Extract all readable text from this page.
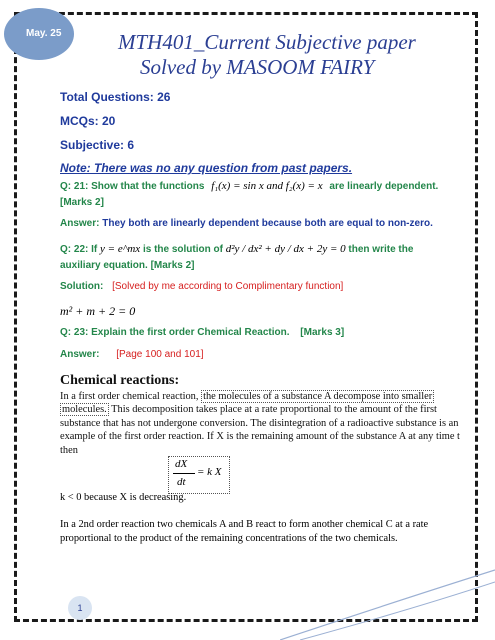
May. 25	MTH401_Current Subjective paper
Solved by MASOOM FAIRY
Total Questions: 26
MCQs: 20
Subjective: 6
Note: There was no any question from past papers.
Q: 21: Show that the functions f₁(x) = sin x and f₂(x) = x are linearly dependent.
[Marks 2]
Answer: They both are linearly dependent because both are equal to non-zero.
Q: 22: If y = e^mx is the solution of d²y / dx² + dy / dx + 2y = 0 then write the
auxiliary equation. [Marks 2]
Solution: [Solved by me according to Complimentary function]
m² + m + 2 = 0
Q: 23: Explain the first order Chemical Reaction. [Marks 3]
Answer: [Page 100 and 101]
Chemical reactions:
In a first order chemical reaction, the molecules of a substance A decompose into smaller molecules. This decomposition takes place at a rate proportional to the amount of the first substance that has not undergone conversion. The disintegration of a radioactive substance is an example of the first order reaction. If X is the remaining amount of the substance A at any time t then
dX
dt
= k X
k < 0 because X is decreasing.
In a 2nd order reaction two chemicals A and B react to form another chemical C at a rate proportional to the product of the remaining concentrations of the two chemicals.
1
